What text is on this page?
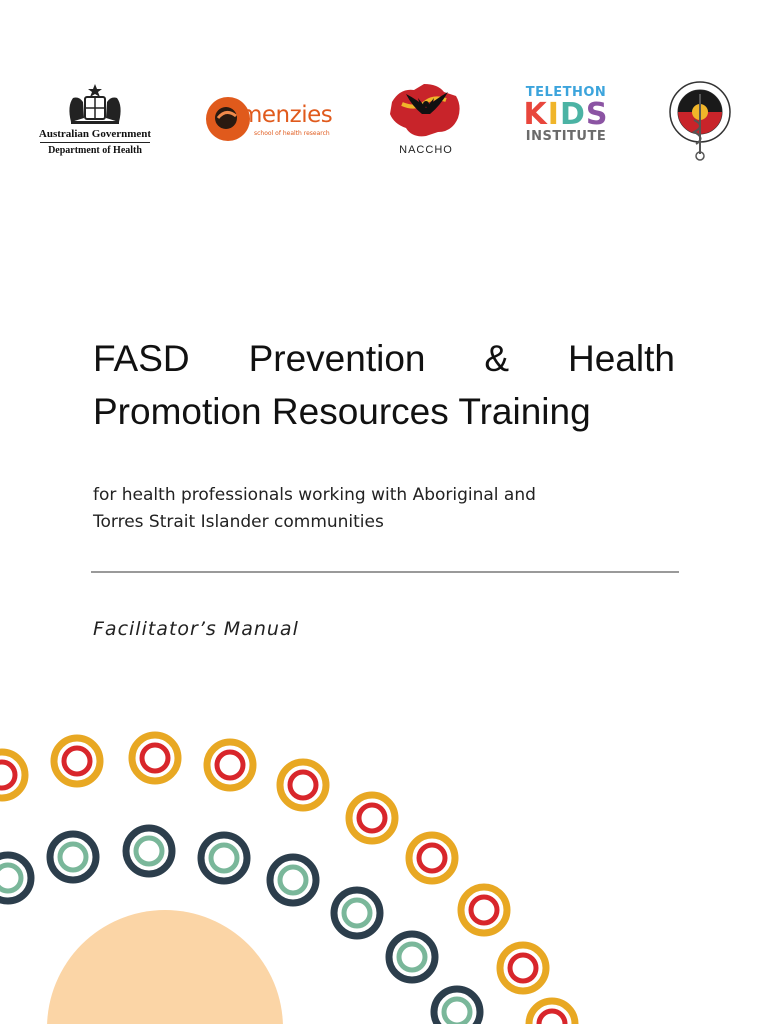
Australian Government
Department of Health
menzies
school of health research
NACCHO
TELETHON
KIDS
INSTITUTE
FASD Prevention & Health
Promotion Resources Training
for health professionals working with Aboriginal and
Torres Strait Islander communities
Facilitator’s Manual
